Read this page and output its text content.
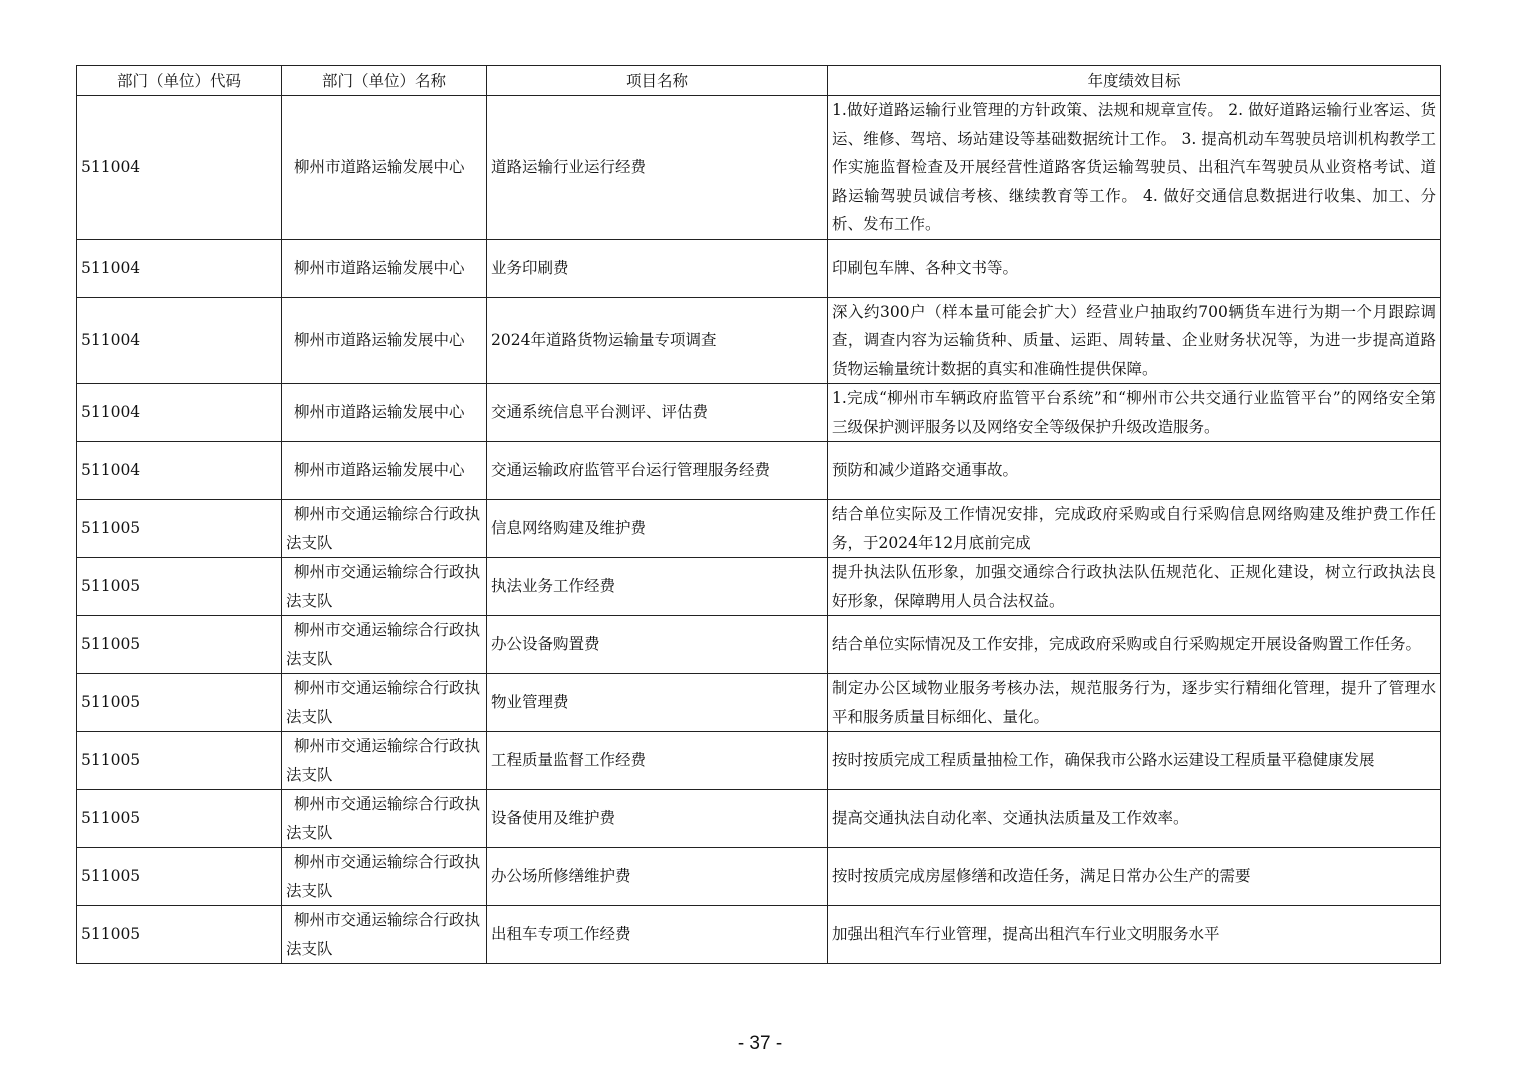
部门（单位）代码	部门（单位）名称	项目名称	年度绩效目标
511004	柳州市道路运输发展中心	道路运输行业运行经费	1.做好道路运输行业管理的方针政策、法规和规章宣传。 2. 做好道路运输行业客运、货运、维修、驾培、场站建设等基础数据统计工作。 3. 提高机动车驾驶员培训机构教学工作实施监督检查及开展经营性道路客货运输驾驶员、出租汽车驾驶员从业资格考试、道路运输驾驶员诚信考核、继续教育等工作。 4. 做好交通信息数据进行收集、加工、分析、发布工作。
511004	柳州市道路运输发展中心	业务印刷费	印刷包车牌、各种文书等。
511004	柳州市道路运输发展中心	2024年道路货物运输量专项调查	深入约300户（样本量可能会扩大）经营业户抽取约700辆货车进行为期一个月跟踪调查，调查内容为运输货种、质量、运距、周转量、企业财务状况等，为进一步提高道路货物运输量统计数据的真实和准确性提供保障。
511004	柳州市道路运输发展中心	交通系统信息平台测评、评估费	1.完成“柳州市车辆政府监管平台系统”和“柳州市公共交通行业监管平台”的网络安全第三级保护测评服务以及网络安全等级保护升级改造服务。
511004	柳州市道路运输发展中心	交通运输政府监管平台运行管理服务经费	预防和减少道路交通事故。
511005	柳州市交通运输综合行政执法支队	信息网络购建及维护费	结合单位实际及工作情况安排，完成政府采购或自行采购信息网络购建及维护费工作任务，于2024年12月底前完成
511005	柳州市交通运输综合行政执法支队	执法业务工作经费	提升执法队伍形象，加强交通综合行政执法队伍规范化、正规化建设，树立行政执法良好形象，保障聘用人员合法权益。
511005	柳州市交通运输综合行政执法支队	办公设备购置费	结合单位实际情况及工作安排，完成政府采购或自行采购规定开展设备购置工作任务。
511005	柳州市交通运输综合行政执法支队	物业管理费	制定办公区域物业服务考核办法，规范服务行为，逐步实行精细化管理，提升了管理水平和服务质量目标细化、量化。
511005	柳州市交通运输综合行政执法支队	工程质量监督工作经费	按时按质完成工程质量抽检工作，确保我市公路水运建设工程质量平稳健康发展
511005	柳州市交通运输综合行政执法支队	设备使用及维护费	提高交通执法自动化率、交通执法质量及工作效率。
511005	柳州市交通运输综合行政执法支队	办公场所修缮维护费	按时按质完成房屋修缮和改造任务，满足日常办公生产的需要
511005	柳州市交通运输综合行政执法支队	出租车专项工作经费	加强出租汽车行业管理，提高出租汽车行业文明服务水平
- 37 -
